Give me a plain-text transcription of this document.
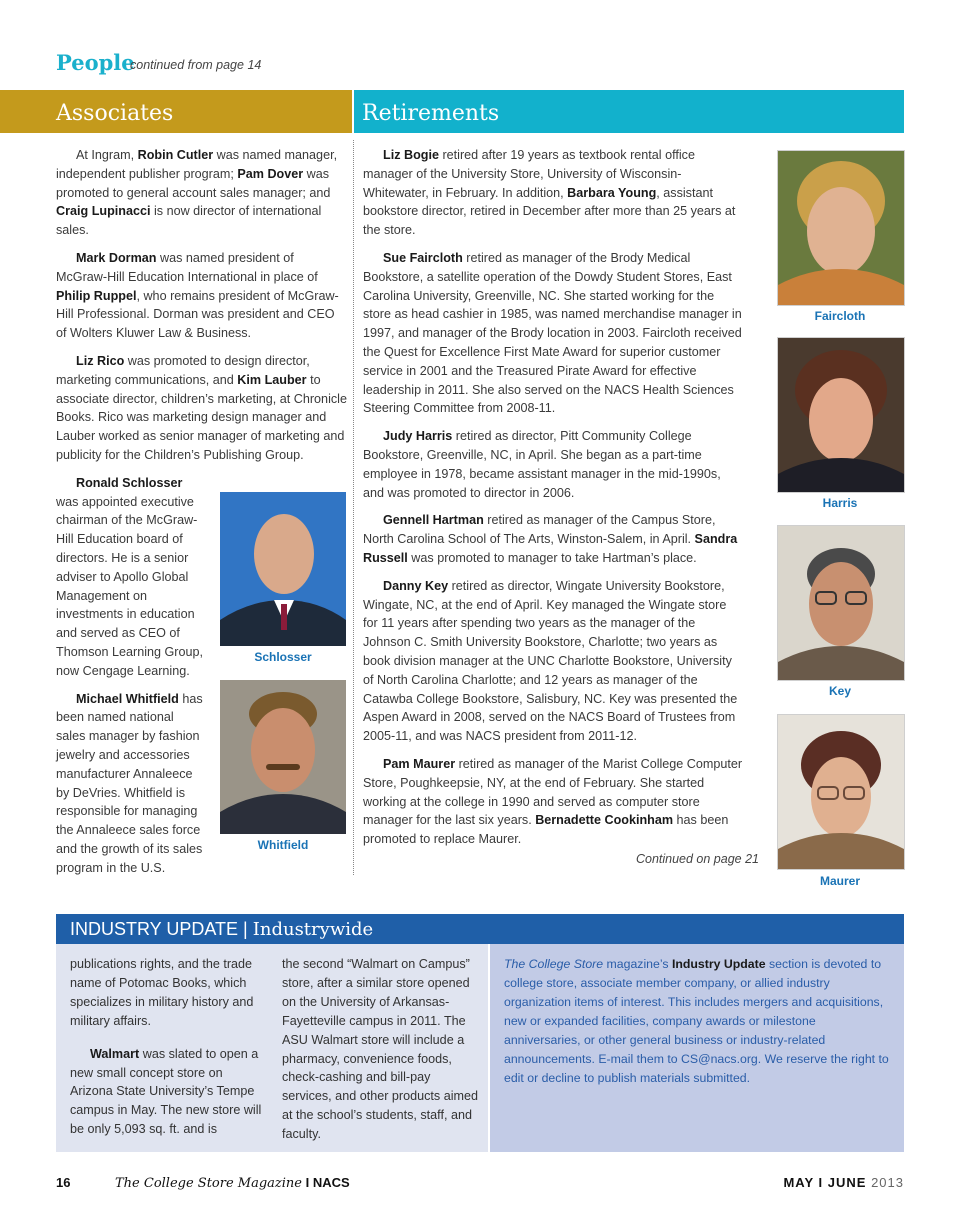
People
continued from page 14
Associates	Retirements
Schlosser
Whitfield

At Ingram, Robin Cutler was named manager, independent publisher program; Pam Dover was promoted to general account sales manager; and Craig Lupinacci is now director of international sales.

Mark Dorman was named president of McGraw-Hill Education International in place of Philip Ruppel, who remains president of McGraw-Hill Professional. Dorman was president and CEO of Wolters Kluwer Law & Business.

Liz Rico was promoted to design director, marketing communications, and Kim Lauber to associate director, children’s marketing, at Chronicle Books. Rico was marketing design manager and Lauber worked as senior manager of marketing and publicity for the Children’s Publishing Group.

Ronald Schlosser was appointed executive chairman of the McGraw-Hill Education board of directors. He is a senior adviser to Apollo Global Management on investments in education and served as CEO of Thomson Learning Group, now Cengage Learning.

Michael Whitfield has been named national sales manager by fashion jewelry and accessories manufacturer Annaleece by DeVries. Whitfield is responsible for managing the Annaleece sales force and the growth of its sales program in the U.S.

Liz Bogie retired after 19 years as textbook rental office manager of the University Store, University of Wisconsin-Whitewater, in February. In addition, Barbara Young, assistant bookstore director, retired in December after more than 25 years at the store.

Sue Faircloth retired as manager of the Brody Medical Bookstore, a satellite operation of the Dowdy Student Stores, East Carolina University, Greenville, NC. She started working for the store as head cashier in 1985, was named merchandise manager in 1997, and manager of the Brody location in 2003. Faircloth received the Quest for Excellence First Mate Award for superior customer service in 2001 and the Treasured Pirate Award for effective leadership in 2011. She also served on the NACS Health Sciences Steering Committee from 2008-11.

Judy Harris retired as director, Pitt Community College Bookstore, Greenville, NC, in April. She began as a part-time employee in 1978, became assistant manager in the mid-1990s, and was promoted to director in 2006.

Gennell Hartman retired as manager of the Campus Store, North Carolina School of The Arts, Winston-Salem, in April. Sandra Russell was promoted to manager to take Hartman’s place.

Danny Key retired as director, Wingate University Bookstore, Wingate, NC, at the end of April. Key managed the Wingate store for 11 years after spending two years as the manager of the Johnson C. Smith University Bookstore, Charlotte; two years as book division manager at the UNC Charlotte Bookstore, University of North Carolina Charlotte; and 12 years as manager of the Catawba College Bookstore, Salisbury, NC. Key was presented the Aspen Award in 2008, served on the NACS Board of Trustees from 2005-11, and was NACS president from 2011-12.

Pam Maurer retired as manager of the Marist College Computer Store, Poughkeepsie, NY, at the end of February. She started working at the college in 1990 and served as computer store manager for the last six years. Bernadette Cookinham has been promoted to replace Maurer.

Continued on page 21
Faircloth
Harris
Key
Maurer
INDUSTRY UPDATE | Industrywide

publications rights, and the trade name of Potomac Books, which specializes in military history and military affairs.

Walmart was slated to open a new small concept store on Arizona State University’s Tempe campus in May. The new store will be only 5,093 sq. ft. and is

the second “Walmart on Campus” store, after a similar store opened on the University of Arkansas-Fayetteville campus in 2011. The ASU Walmart store will include a pharmacy, convenience foods, check-cashing and bill-pay services, and other products aimed at the school’s students, staff, and faculty.

The College Store magazine’s Industry Update section is devoted to college store, associate member company, or allied industry organization items of interest. This includes mergers and acquisitions, new or expanded facilities, company awards or milestone anniversaries, or other general business or industry-related announcements. E-mail them to CS@nacs.org. We reserve the right to edit or decline to publish materials submitted.

16	The College Store Magazine I NACS	MAY I JUNE 2013
